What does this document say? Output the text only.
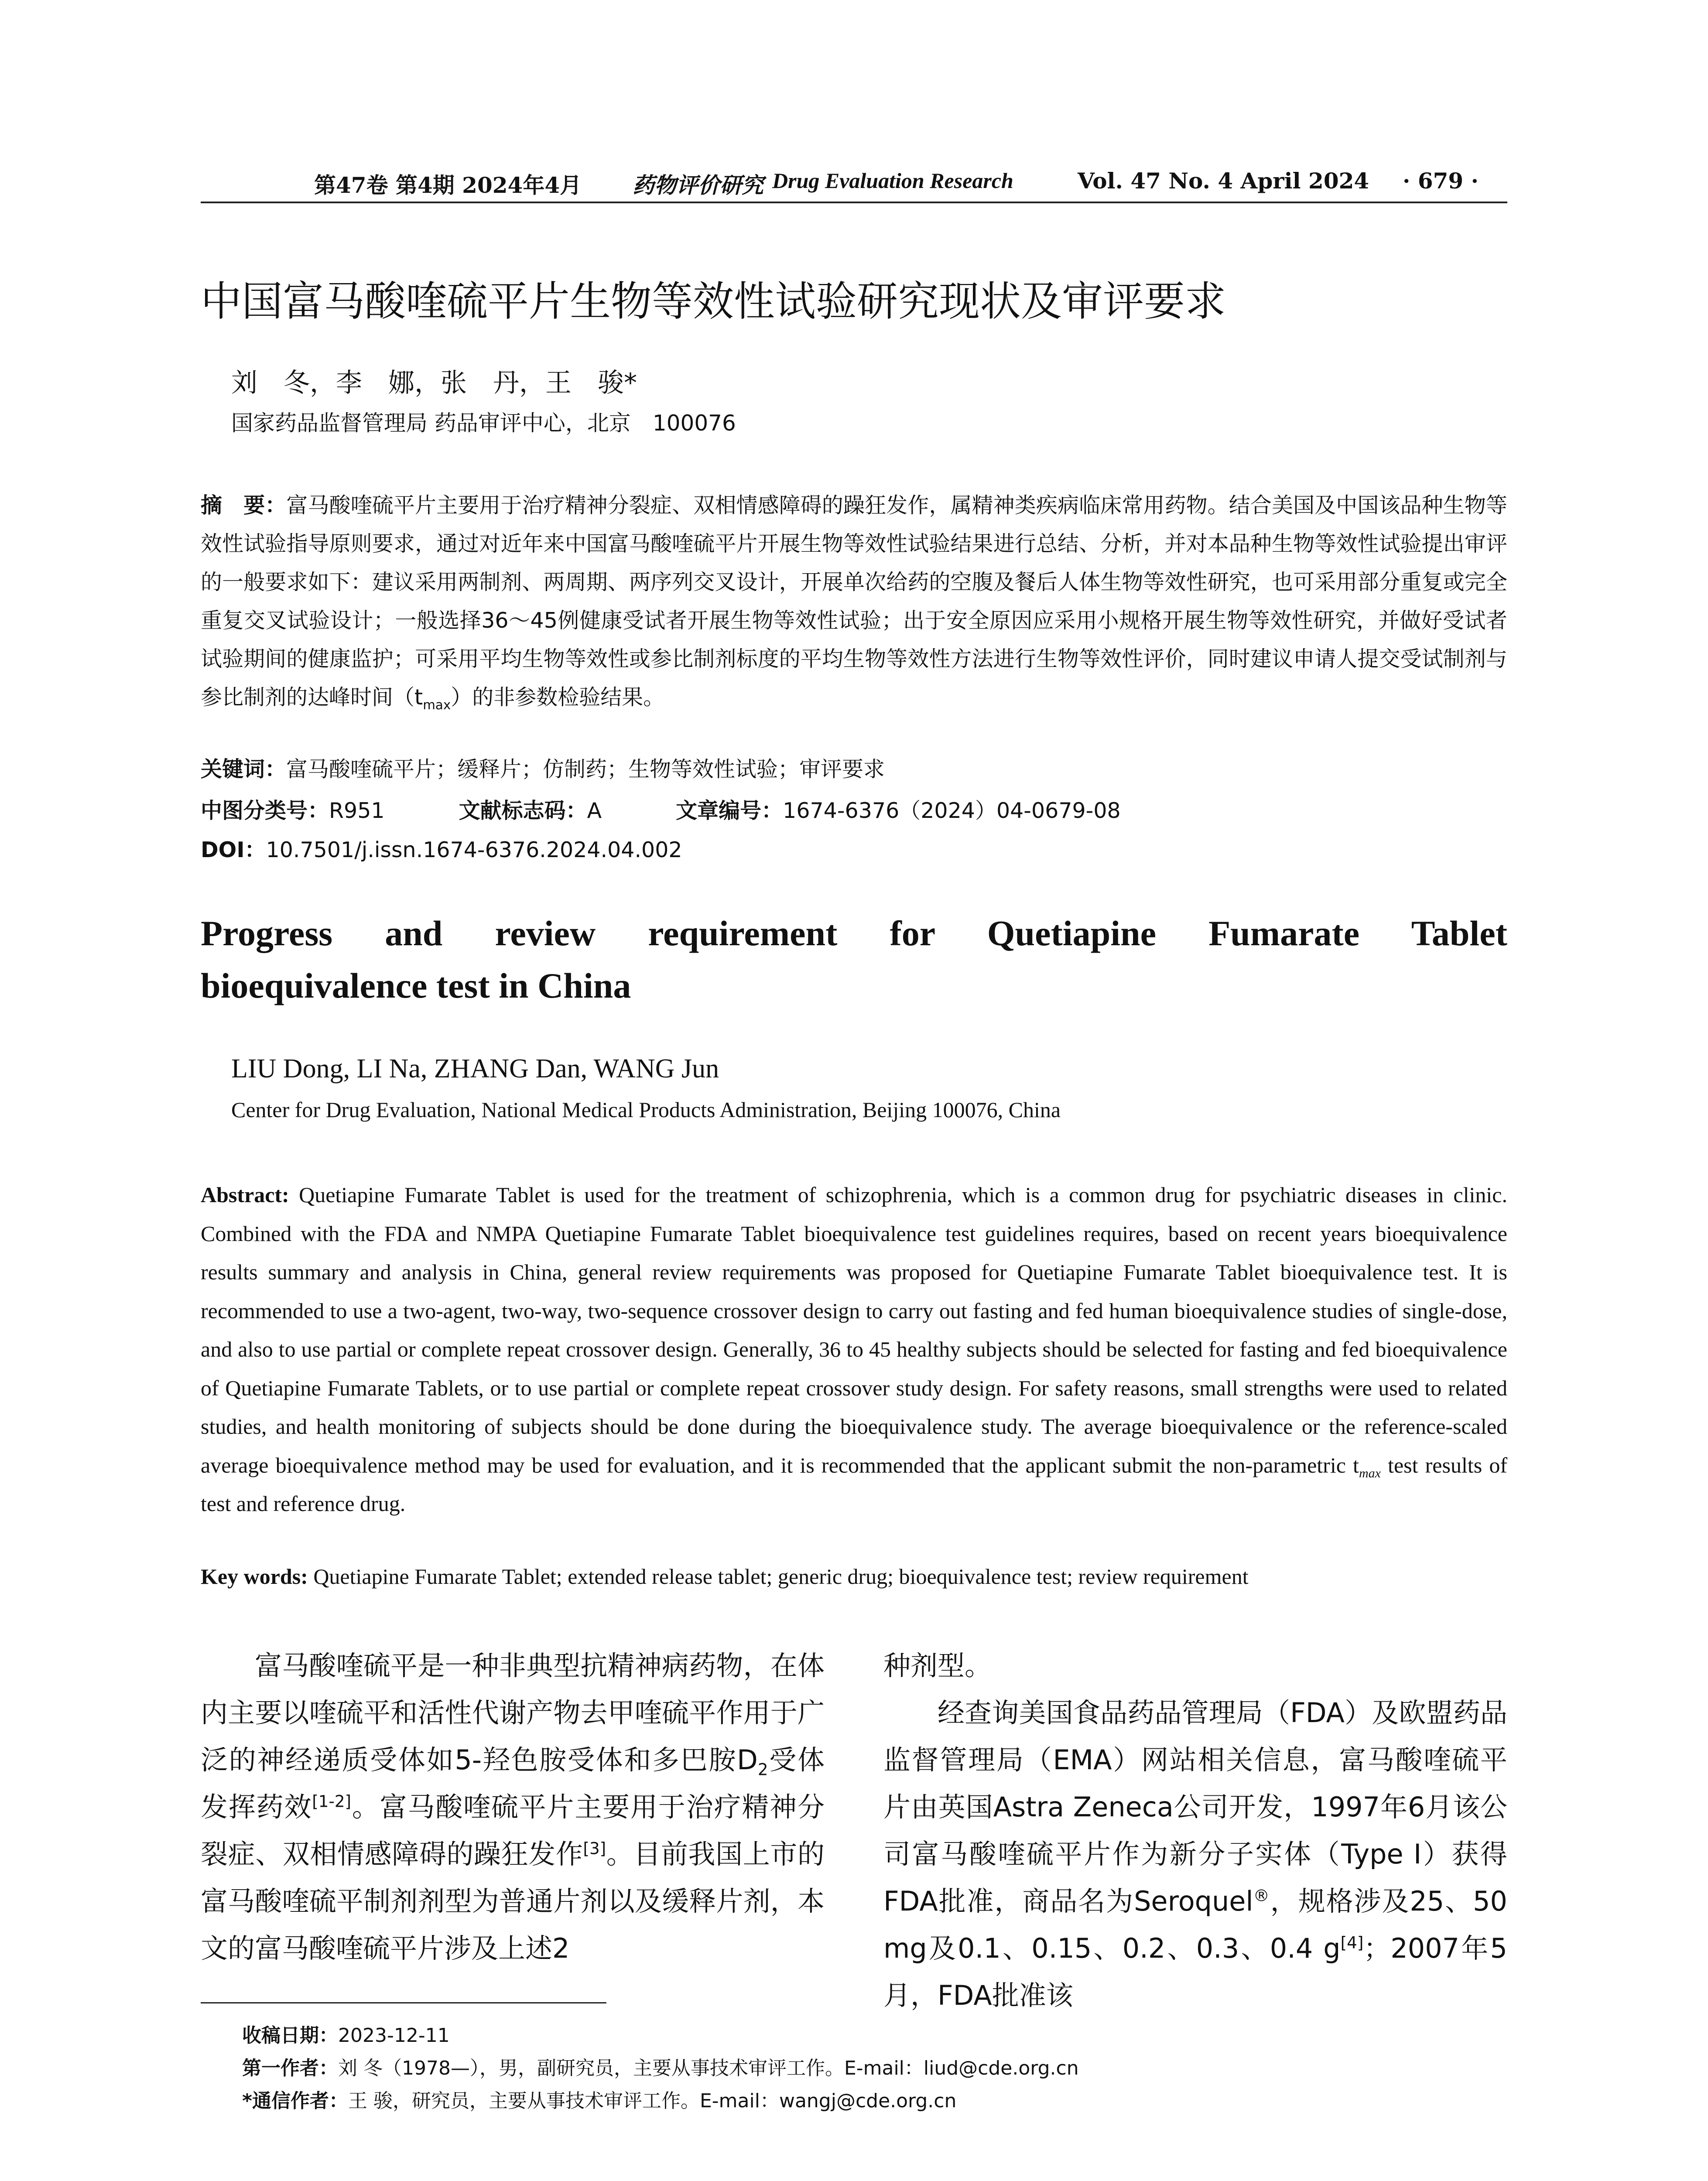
第47卷 第4期 2024年4月 药物评价研究 Drug Evaluation Research	Vol. 47 No. 4 April 2024 · 679 ·
中国富马酸喹硫平片生物等效性试验研究现状及审评要求
刘　冬，李　娜，张　丹，王　骏*
国家药品监督管理局 药品审评中心，北京　100076
摘　要：富马酸喹硫平片主要用于治疗精神分裂症、双相情感障碍的躁狂发作，属精神类疾病临床常用药物。结合美国及中国该品种生物等效性试验指导原则要求，通过对近年来中国富马酸喹硫平片开展生物等效性试验结果进行总结、分析，并对本品种生物等效性试验提出审评的一般要求如下：建议采用两制剂、两周期、两序列交叉设计，开展单次给药的空腹及餐后人体生物等效性研究，也可采用部分重复或完全重复交叉试验设计；一般选择36～45例健康受试者开展生物等效性试验；出于安全原因应采用小规格开展生物等效性研究，并做好受试者试验期间的健康监护；可采用平均生物等效性或参比制剂标度的平均生物等效性方法进行生物等效性评价，同时建议申请人提交受试制剂与参比制剂的达峰时间$(t_{max})$的非参数检验结果。
关键词：富马酸喹硫平片；缓释片；仿制药；生物等效性试验；审评要求
中图分类号：R951	文献标志码：A	文章编号：1674-6376（2024）04-0679-08
DOI：10.7501/j.issn.1674-6376.2024.04.002
Progress and review requirement for Quetiapine Fumarate Tablet
bioequivalence test in China
LIU Dong, LI Na, ZHANG Dan, WANG Jun
Center for Drug Evaluation, National Medical Products Administration, Beijing 100076, China
Abstract: Quetiapine Fumarate Tablet is used for the treatment of schizophrenia, which is a common drug for psychiatric diseases in clinic. Combined with the FDA and NMPA Quetiapine Fumarate Tablet bioequivalence test guidelines requires, based on recent years bioequivalence results summary and analysis in China, general review requirements was proposed for Quetiapine Fumarate Tablet bioequivalence test. It is recommended to use a two-agent, two-way, two-sequence crossover design to carry out fasting and fed human bioequivalence studies of single-dose, and also to use partial or complete repeat crossover design. Generally, 36 to 45 healthy subjects should be selected for fasting and fed bioequivalence of Quetiapine Fumarate Tablets, or to use partial or complete repeat crossover study design. For safety reasons, small strengths were used to related studies, and health monitoring of subjects should be done during the bioequivalence study. The average bioequivalence or the reference-scaled average bioequivalence method may be used for evaluation, and it is recommended that the applicant submit the non-parametric $t_{max}$ test results of test and reference drug.
Key words: Quetiapine Fumarate Tablet; extended release tablet; generic drug; bioequivalence test; review requirement

富马酸喹硫平是一种非典型抗精神病药物，在体内主要以喹硫平和活性代谢产物去甲喹硫平作用于广泛的神经递质受体如5-羟色胺受体和多巴胺$D_2$受体发挥药效[1-2]。富马酸喹硫平片主要用于治疗精神分裂症、双相情感障碍的躁狂发作[3]。目前我国上市的富马酸喹硫平制剂剂型为普通片剂以及缓释片剂，本文的富马酸喹硫平片涉及上述2

种剂型。

经查询美国食品药品管理局（FDA）及欧盟药品监督管理局（EMA）网站相关信息，富马酸喹硫平片由英国Astra Zeneca公司开发，1997年6月该公司富马酸喹硫平片作为新分子实体（Type I）获得FDA批准，商品名为Seroquel®，规格涉及25、50 mg及0.1、0.15、0.2、0.3、0.4 g[4]；2007年5月，FDA批准该

收稿日期：2023-12-11
第一作者：刘 冬（1978—），男，副研究员，主要从事技术审评工作。E-mail：liud@cde.org.cn
*通信作者：王 骏，研究员，主要从事技术审评工作。E-mail：wangj@cde.org.cn
